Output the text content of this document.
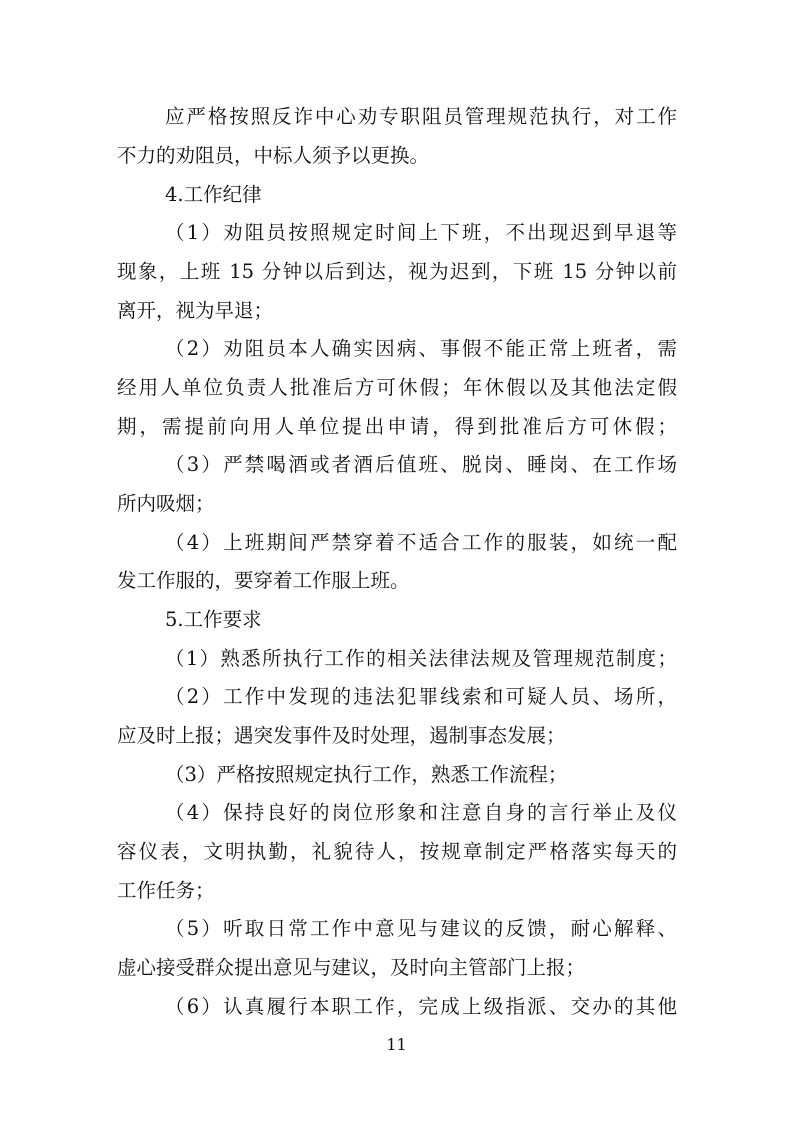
应严格按照反诈中心劝专职阻员管理规范执行，对工作
不力的劝阻员，中标人须予以更换。
4.工作纪律
（1）劝阻员按照规定时间上下班，不出现迟到早退等
现象，上班 15 分钟以后到达，视为迟到，下班 15 分钟以前
离开，视为早退；
（2）劝阻员本人确实因病、事假不能正常上班者，需
经用人单位负责人批准后方可休假；年休假以及其他法定假
期，需提前向用人单位提出申请，得到批准后方可休假；
（3）严禁喝酒或者酒后值班、脱岗、睡岗、在工作场
所内吸烟；
（4）上班期间严禁穿着不适合工作的服装，如统一配
发工作服的，要穿着工作服上班。
5.工作要求
（1）熟悉所执行工作的相关法律法规及管理规范制度；
（2）工作中发现的违法犯罪线索和可疑人员、场所，
应及时上报；遇突发事件及时处理，遏制事态发展；
（3）严格按照规定执行工作，熟悉工作流程；
（4）保持良好的岗位形象和注意自身的言行举止及仪
容仪表，文明执勤，礼貌待人，按规章制定严格落实每天的
工作任务；
（5）听取日常工作中意见与建议的反馈，耐心解释、
虚心接受群众提出意见与建议，及时向主管部门上报；
（6）认真履行本职工作，完成上级指派、交办的其他
11
